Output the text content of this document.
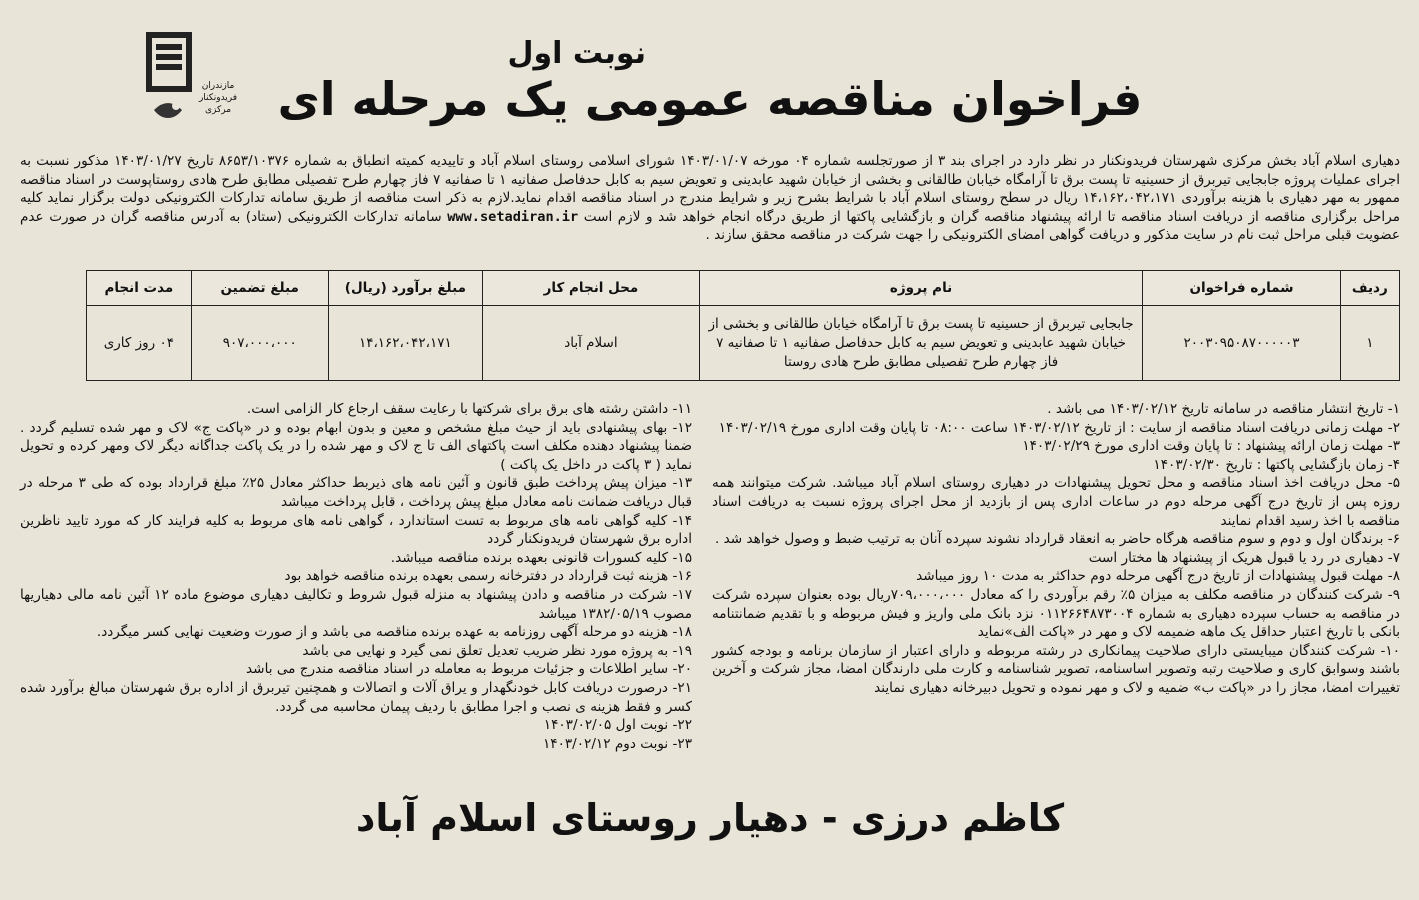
نوبت اول
فراخوان مناقصه عمومی یک مرحله ای
مازندران فریدونکنار مرکزی
دهیاری اسلام آباد بخش مرکزی شهرستان فریدونکنار در نظر دارد در اجرای بند ۳ از صورتجلسه شماره ۰۴ مورخه ۱۴۰۳/۰۱/۰۷ شورای اسلامی روستای اسلام آباد و تاییدیه کمیته انطباق به شماره ۸۶۵۳/۱۰۳۷۶ تاریخ ۱۴۰۳/۰۱/۲۷ مذکور نسبت به اجرای عملیات پروژه جابجایی تیربرق از حسینیه تا پست برق تا آرامگاه خیابان طالقانی و بخشی از خیابان شهید عابدینی و تعویض سیم به کابل حدفاصل صفانیه ۱ تا صفانیه ۷ فاز چهارم طرح تفصیلی مطابق طرح هادی روستاپوست در اسناد مناقصه ممهور به مهر دهیاری با هزینه برآوردی ۱۴،۱۶۲،۰۴۲،۱۷۱ ریال در سطح روستای اسلام آباد با شرایط بشرح زیر و شرایط مندرج در اسناد مناقصه اقدام نماید.لازم به ذکر است مناقصه از طریق سامانه تدارکات الکترونیکی دولت برگزار نماید کلیه مراحل برگزاری مناقصه از دریافت اسناد مناقصه تا ارائه پیشنهاد مناقصه گران و بازگشایی پاکتها از طریق درگاه انجام خواهد شد و لازم است www.setadiran.ir سامانه تدارکات الکترونیکی (ستاد) به آدرس مناقصه گران در صورت عدم عضویت قبلی مراحل ثبت نام در سایت مذکور و دریافت گواهی امضای الکترونیکی را جهت شرکت در مناقصه محقق سازند .
ردیف	شماره فراخوان	نام پروژه	محل انجام کار	مبلغ برآورد (ریال)	مبلغ تضمین	مدت انجام
۱	۲۰۰۳۰۹۵۰۸۷۰۰۰۰۰۳	جابجایی تیربرق از حسینیه تا پست برق تا آرامگاه خیابان طالقانی و بخشی از خیابان شهید عابدینی و تعویض سیم به کابل حدفاصل صفانیه ۱ تا صفانیه ۷ فاز چهارم طرح تفصیلی مطابق طرح هادی روستا	اسلام آباد	۱۴،۱۶۲،۰۴۲،۱۷۱	۹۰۷،۰۰۰،۰۰۰	۰۴ روز کاری

۱- تاریخ انتشار مناقصه در سامانه تاریخ ۱۴۰۳/۰۲/۱۲ می باشد .

۲- مهلت زمانی دریافت اسناد مناقصه از سایت : از تاریخ ۱۴۰۳/۰۲/۱۲ ساعت ۰۸:۰۰ تا پایان وقت اداری مورخ ۱۴۰۳/۰۲/۱۹

۳- مهلت زمان ارائه پیشنهاد : تا پایان وقت اداری مورخ ۱۴۰۳/۰۲/۲۹

۴- زمان بازگشایی پاکتها : تاریخ ۱۴۰۳/۰۲/۳۰

۵- محل دریافت اخذ اسناد مناقصه و محل تحویل پیشنهادات در دهیاری روستای اسلام آباد میباشد. شرکت میتوانند همه روزه پس از تاریخ درج آگهی مرحله دوم در ساعات اداری پس از بازدید از محل اجرای پروژه نسبت به دریافت اسناد مناقصه با اخذ رسید اقدام نمایند

۶- برندگان اول و دوم و سوم مناقصه هرگاه حاضر به انعقاد قرارداد نشوند سپرده آنان به ترتیب ضبط و وصول خواهد شد .

۷- دهیاری در رد یا قبول هریک از پیشنهاد ها مختار است

۸- مهلت قبول پیشنهادات از تاریخ درج آگهی مرحله دوم حداکثر به مدت ۱۰ روز میباشد

۹- شرکت کنندگان در مناقصه مکلف به میزان ۵٪ رقم برآوردی را که معادل ۷۰۹،۰۰۰،۰۰۰ریال بوده بعنوان سپرده شرکت در مناقصه به حساب سپرده دهیاری به شماره ۰۱۱۲۶۶۴۸۷۳۰۰۴ نزد بانک ملی واریز و فیش مربوطه و با تقدیم ضمانتنامه بانکی با تاریخ اعتبار حداقل یک ماهه ضمیمه لاک و مهر در «پاکت الف»نماید

۱۰- شرکت کنندگان میبایستی دارای صلاحیت پیمانکاری در رشته مربوطه و دارای اعتبار از سازمان برنامه و بودجه کشور باشند وسوابق کاری و صلاحیت رتبه وتصویر اساسنامه، تصویر شناسنامه و کارت ملی دارندگان امضا، مجاز شرکت و آخرین تغییرات امضا، مجاز را در «پاکت ب» ضمیه و لاک و مهر نموده و تحویل دبیرخانه دهیاری نمایند

۱۱- داشتن رشته های برق برای شرکتها با رعایت سقف ارجاع کار الزامی است.

۱۲- بهای پیشنهادی باید از حیث مبلغ مشخص و معین و بدون ابهام بوده و در «پاکت ج» لاک و مهر شده تسلیم گردد . ضمنا پیشنهاد دهنده مکلف است پاکتهای الف تا ج لاک و مهر شده را در یک پاکت جداگانه دیگر لاک ومهر کرده و تحویل نماید ( ۳ پاکت در داخل یک پاکت )

۱۳- میزان پیش پرداخت طبق قانون و آئین نامه های ذیربط حداکثر معادل ۲۵٪ مبلغ قرارداد بوده که طی ۳ مرحله در قبال دریافت ضمانت نامه معادل مبلغ پیش پرداخت ، قابل پرداخت میباشد

۱۴- کلیه گواهی نامه های مربوط به تست استاندارد ، گواهی نامه های مربوط به کلیه فرایند کار که مورد تایید ناظرین اداره برق شهرستان فریدونکنار گردد

۱۵- کلیه کسورات قانونی بعهده برنده مناقصه میباشد.

۱۶- هزینه ثبت قرارداد در دفترخانه رسمی بعهده برنده مناقصه خواهد بود

۱۷- شرکت در مناقصه و دادن پیشنهاد به منزله قبول شروط و تکالیف دهیاری موضوع ماده ۱۲ آئین نامه مالی دهیاریها مصوب ۱۳۸۲/۰۵/۱۹ میباشد

۱۸- هزینه دو مرحله آگهی روزنامه به عهده برنده مناقصه می باشد و از صورت وضعیت نهایی کسر میگردد.

۱۹- به پروژه مورد نظر ضریب تعدیل تعلق نمی گیرد و نهایی می باشد

۲۰- سایر اطلاعات و جزئیات مربوط به معامله در اسناد مناقصه مندرج می باشد

۲۱- درصورت دریافت کابل خودنگهدار و یراق آلات و اتصالات و همچنین تیربرق از اداره برق شهرستان مبالغ برآورد شده کسر و فقط هزینه ی نصب و اجرا مطابق با ردیف پیمان محاسبه می گردد.

۲۲- نوبت اول ۱۴۰۳/۰۲/۰۵

۲۳- نوبت دوم ۱۴۰۳/۰۲/۱۲

کاظم درزی - دهیار روستای اسلام آباد
